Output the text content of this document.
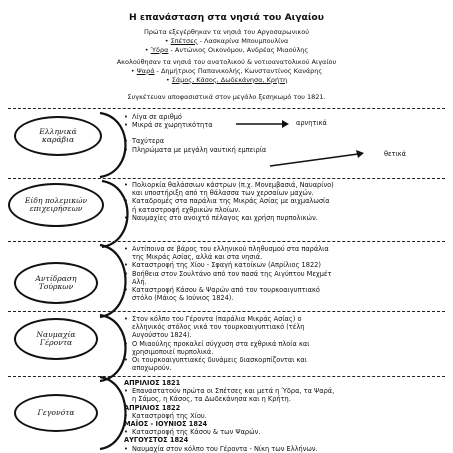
Η επανάσταση στα νησιά του Αιγαίου
Πρώτα εξεγέρθηκαν τα νησιά του Αργοσαρωνικού
• Σπέτσες - Λασκαρίνα Μπουμπουλίνα
• Ύδρα - Αντώνιος Οικονόμου, Ανδρέας Μιαούλης
Ακολούθησαν τα νησιά του ανατολικού & νοτιοανατολικού Αιγαίου
• Ψαρά - Δημήτριος Παπανικολής, Κωνσταντίνος Κανάρης
• Σάμος, Κάσος, Δωδεκάνησα, Κρήτη
Συγκέτευαν αποφασιστικά στον μεγάλο ξεσηκωμό του 1821.
Ελληνικά
καράβια
• Λίγα σε αριθμό
• Μικρά σε χωρητικότητα
• Ταχύτερα
• Πληρώματα με μεγάλη ναυτική εμπειρία
αρνητικά
θετικά
Είδη πολεμικών
επιχειρήσεων
• Πολιορκία θαλάσσιων κάστρων (π.χ. Μονεμβασιά, Ναυαρίνο)
και υποστήριξη από τη θάλασσα των χερσαίων μαχών.
• Καταδρομές στα παράλια της Μικράς Ασίας με αιχμαλωσία
ή καταστροφή εχθρικών πλοίων.
• Ναυμαχίες στο ανοιχτό πέλαγος και χρήση πυρπολικών.
Αντίδραση
Τούρκων
• Αντίποινα σε βάρος του ελληνικού πληθυσμού στα παράλια
της Μικράς Ασίας, αλλά και στα νησιά.
• Καταστροφή της Χίου - Σφαγή κατοίκων (Απρίλιος 1822)
• Βοήθεια στον Σουλτάνο από τον πασά της Αιγύπτου Μεχμέτ
Αλή.
• Καταστροφή Κάσου & Ψαρών από τον τουρκοαιγυπτιακό
στόλο (Μάιος & Ιούνιος 1824).
Ναυμαχία
Γέροντα
• Στον κόλπο του Γέροντα (παράλια Μικράς Ασίας) ο
ελληνικός στόλος νικά τον τουρκοαιγυπτιακό (τέλη
Αυγούστου 1824).
• Ο Μιαούλης προκαλεί σύγχυση στα εχθρικά πλοία και
χρησιμοποιεί πυρπολικά.
• Οι τουρκοαιγυπτιακές δυνάμεις διασκορπίζονται και
αποχωρούν.
Γεγονότα
ΑΠΡΙΛΙΟΣ 1821
• Επαναστατούν πρώτα οι Σπέτσες και μετά η Ύδρα, τα Ψαρά,
η Σάμος, η Κάσος, τα Δωδεκάνησα και η Κρήτη.
ΑΠΡΙΛΙΟΣ 1822
• Καταστροφή της Χίου.
ΜΑΪΟΣ - ΙΟΥΝΙΟΣ 1824
• Καταστροφή της Κάσου & των Ψαρών.
ΑΥΓΟΥΣΤΟΣ 1824
• Ναυμαχία στον κόλπο του Γέροντα - Νίκη των Ελλήνων.
